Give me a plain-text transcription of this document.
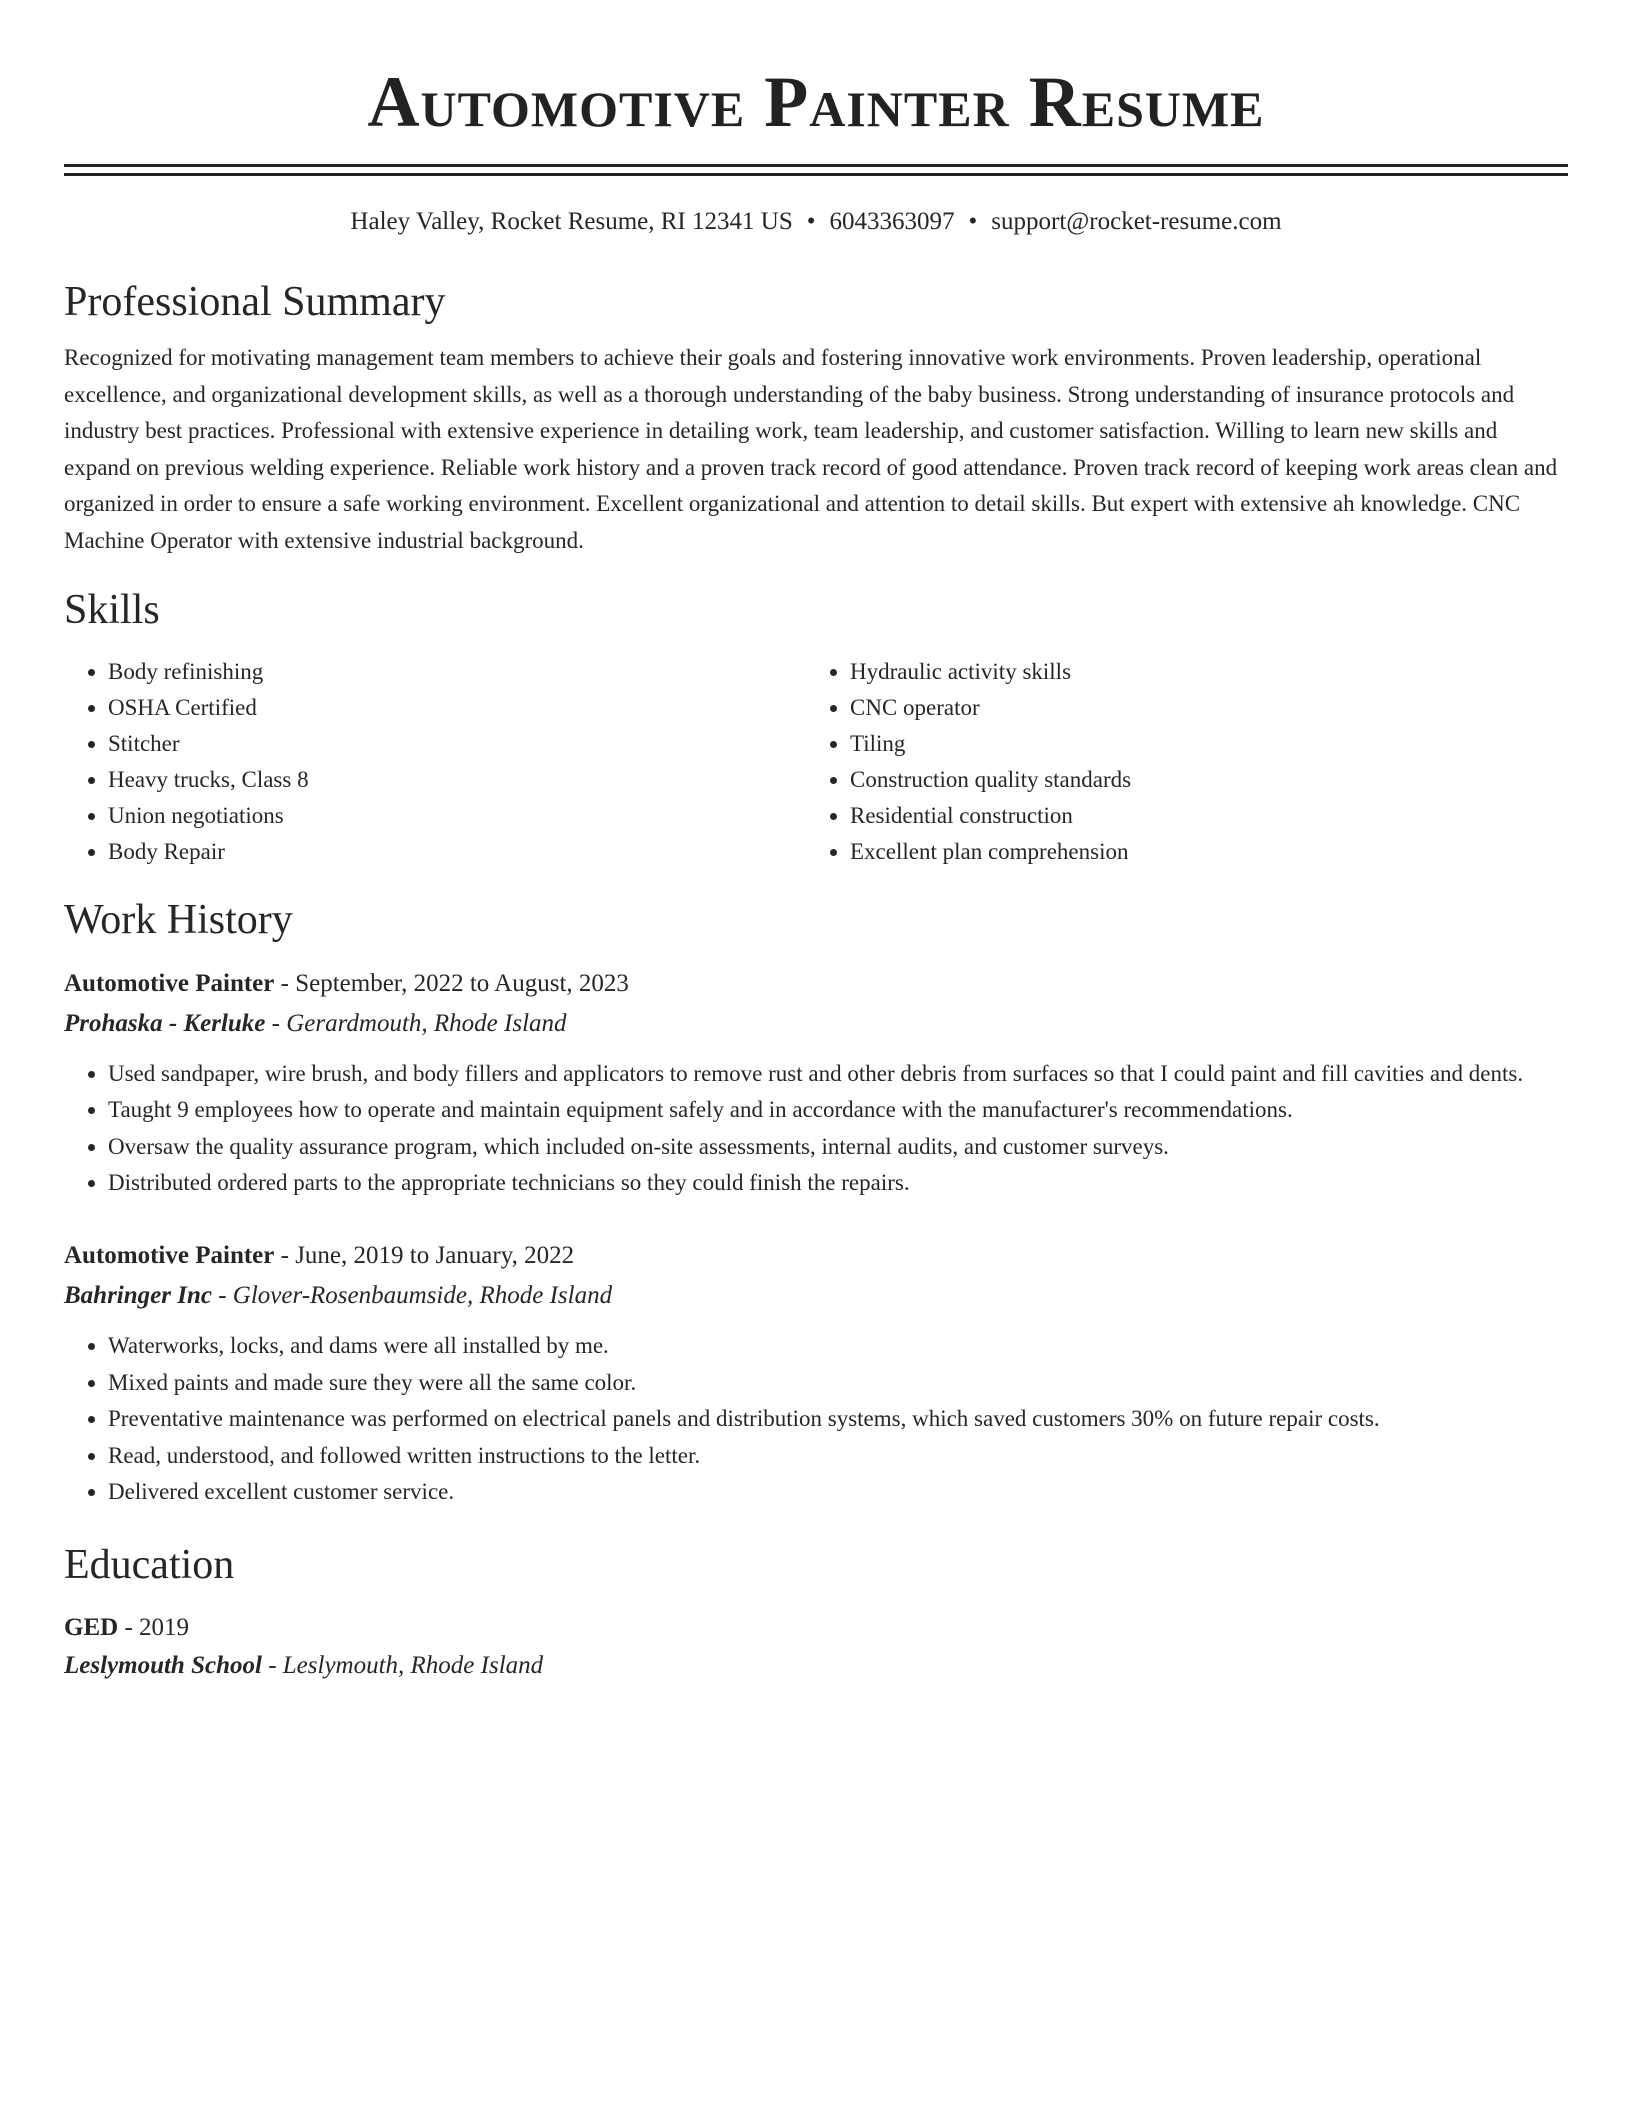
Automotive Painter Resume
Haley Valley, Rocket Resume, RI 12341 US • 6043363097 • support@rocket-resume.com
Professional Summary

Recognized for motivating management team members to achieve their goals and fostering innovative work environments. Proven leadership, operational excellence, and organizational development skills, as well as a thorough understanding of the baby business. Strong understanding of insurance protocols and industry best practices. Professional with extensive experience in detailing work, team leadership, and customer satisfaction. Willing to learn new skills and expand on previous welding experience. Reliable work history and a proven track record of good attendance. Proven track record of keeping work areas clean and organized in order to ensure a safe working environment. Excellent organizational and attention to detail skills. But expert with extensive ah knowledge. CNC Machine Operator with extensive industrial background.

Skills
• Body refinishing
• OSHA Certified
• Stitcher
• Heavy trucks, Class 8
• Union negotiations
• Body Repair
• Hydraulic activity skills
• CNC operator
• Tiling
• Construction quality standards
• Residential construction
• Excellent plan comprehension
Work History
Automotive Painter - September, 2022 to August, 2023
Prohaska - Kerluke - Gerardmouth, Rhode Island
• Used sandpaper, wire brush, and body fillers and applicators to remove rust and other debris from surfaces so that I could paint and fill cavities and dents.
• Taught 9 employees how to operate and maintain equipment safely and in accordance with the manufacturer's recommendations.
• Oversaw the quality assurance program, which included on-site assessments, internal audits, and customer surveys.
• Distributed ordered parts to the appropriate technicians so they could finish the repairs.
Automotive Painter - June, 2019 to January, 2022
Bahringer Inc - Glover-Rosenbaumside, Rhode Island
• Waterworks, locks, and dams were all installed by me.
• Mixed paints and made sure they were all the same color.
• Preventative maintenance was performed on electrical panels and distribution systems, which saved customers 30% on future repair costs.
• Read, understood, and followed written instructions to the letter.
• Delivered excellent customer service.
Education
GED - 2019
Leslymouth School - Leslymouth, Rhode Island
